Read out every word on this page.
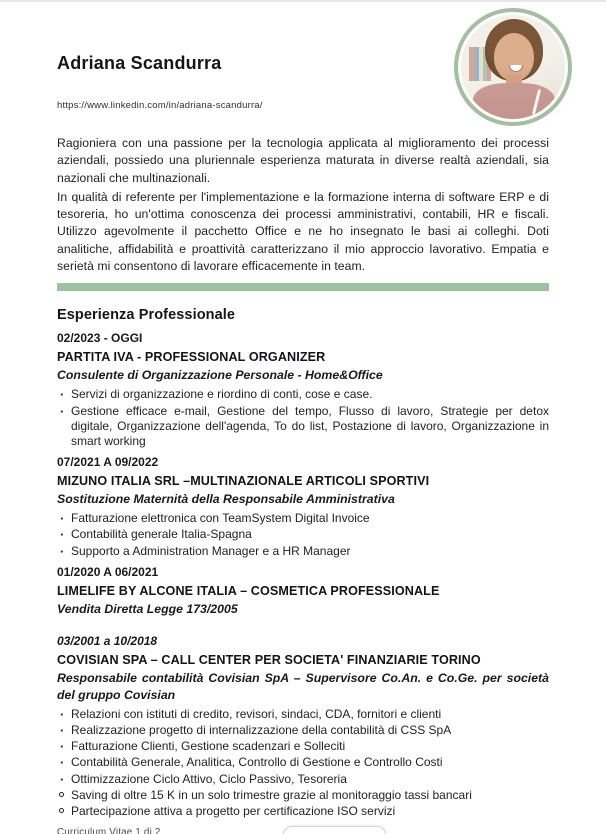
Adriana Scandurra
https://www.linkedin.com/in/adriana-scandurra/

Ragioniera con una passione per la tecnologia applicata al miglioramento dei processi aziendali, possiedo una pluriennale esperienza maturata in diverse realtà aziendali, sia nazionali che multinazionali.

In qualità di referente per l'implementazione e la formazione interna di software ERP e di tesoreria, ho un'ottima conoscenza dei processi amministrativi, contabili, HR e fiscali. Utilizzo agevolmente il pacchetto Office e ne ho insegnato le basi ai colleghi. Doti analitiche, affidabilità e proattività caratterizzano il mio approccio lavorativo. Empatia e serietà mi consentono di lavorare efficacemente in team.

Esperienza Professionale
02/2023 - OGGI
PARTITA IVA - PROFESSIONAL ORGANIZER
Consulente di Organizzazione Personale - Home&Office
·
Servizi di organizzazione e riordino di conti, cose e case.
·
Gestione efficace e-mail, Gestione del tempo, Flusso di lavoro, Strategie per detox digitale, Organizzazione dell'agenda, To do list, Postazione di lavoro, Organizzazione in smart working
07/2021 A 09/2022
MIZUNO ITALIA SRL –MULTINAZIONALE ARTICOLI SPORTIVI
Sostituzione Maternità della Responsabile Amministrativa
·
Fatturazione elettronica con TeamSystem Digital Invoice
·
Contabilità generale Italia-Spagna
·
Supporto a Administration Manager e a HR Manager
01/2020 A 06/2021
LIMELIFE BY ALCONE ITALIA – COSMETICA PROFESSIONALE
Vendita Diretta Legge 173/2005
03/2001 a 10/2018
COVISIAN SPA – CALL CENTER PER SOCIETA' FINANZIARIE TORINO
Responsabile contabilità Covisian SpA – Supervisore Co.An. e Co.Ge. per società del gruppo Covisian
·
Relazioni con istituti di credito, revisori, sindaci, CDA, fornitori e clienti
·
Realizzazione progetto di internalizzazione della contabilità di CSS SpA
·
Fatturazione Clienti, Gestione scadenzari e Solleciti
·
Contabilità Generale, Analitica, Controllo di Gestione e Controllo Costi
·
Ottimizzazione Ciclo Attivo, Ciclo Passivo, Tesoreria
Saving di oltre 15 K in un solo trimestre grazie al monitoraggio tassi bancari
Partecipazione attiva a progetto per certificazione ISO servizi
Curriculum Vitae 1 di 2
